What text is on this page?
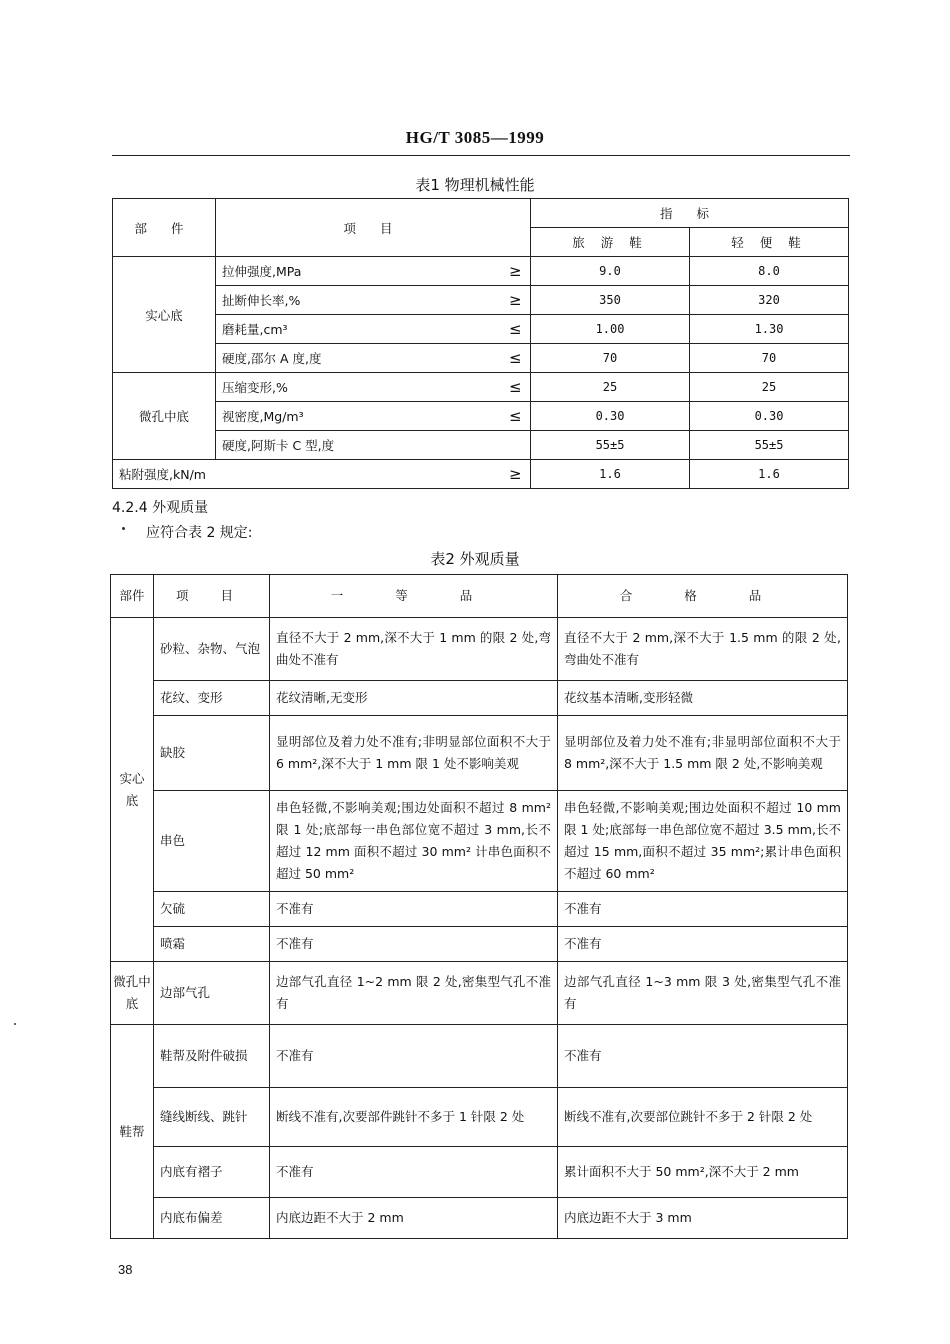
HG/T 3085—1999
表1 物理机械性能
部 件	项 目		指 标	
			旅 游 鞋	轻 便 鞋
实心底	拉伸强度,MPa	≥	9.0	8.0
	扯断伸长率,%	≥	350	320
	磨耗量,cm³	≤	1.00	1.30
	硬度,邵尔 A 度,度	≤	70	70
微孔中底	压缩变形,%	≤	25	25
	视密度,Mg/m³	≤	0.30	0.30
	硬度,阿斯卡 C 型,度		55±5	55±5
粘附强度,kN/m		≥	1.6	1.6
4.2.4 外观质量
应符合表 2 规定:
表2 外观质量
部件	项 目	一 等 品	合 格 品
实心底	砂粒、杂物、气泡	直径不大于 2 mm,深不大于 1 mm 的限 2 处,弯曲处不准有	直径不大于 2 mm,深不大于 1.5 mm 的限 2 处,弯曲处不准有
	花纹、变形	花纹清晰,无变形	花纹基本清晰,变形轻微
	缺胶	显明部位及着力处不准有;非明显部位面积不大于 6 mm²,深不大于 1 mm 限 1 处不影响美观	显明部位及着力处不准有;非显明部位面积不大于 8 mm²,深不大于 1.5 mm 限 2 处,不影响美观
	串色	串色轻微,不影响美观;围边处面积不超过 8 mm² 限 1 处;底部每一串色部位宽不超过 3 mm,长不超过 12 mm 面积不超过 30 mm² 计串色面积不超过 50 mm²	串色轻微,不影响美观;围边处面积不超过 10 mm 限 1 处;底部每一串色部位宽不超过 3.5 mm,长不超过 15 mm,面积不超过 35 mm²;累计串色面积不超过 60 mm²
	欠硫	不准有	不准有
	喷霜	不准有	不准有
微孔中底	边部气孔	边部气孔直径 1~2 mm 限 2 处,密集型气孔不准有	边部气孔直径 1~3 mm 限 3 处,密集型气孔不准有
鞋帮	鞋帮及附件破损	不准有	不准有
	缝线断线、跳针	断线不准有,次要部件跳针不多于 1 针限 2 处	断线不准有,次要部位跳针不多于 2 针限 2 处
	内底有褶子	不准有	累计面积不大于 50 mm²,深不大于 2 mm
	内底布偏差	内底边距不大于 2 mm	内底边距不大于 3 mm
38
